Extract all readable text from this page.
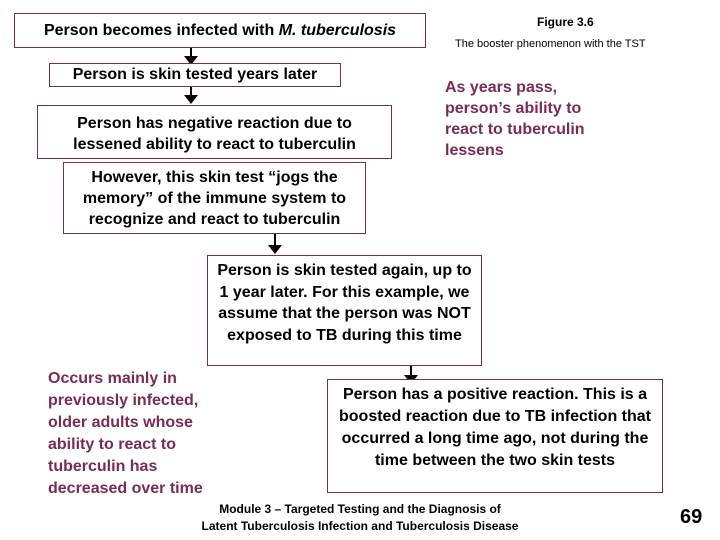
Figure 3.6
The booster phenomenon with the TST
Person becomes infected with M. tuberculosis
Person is skin tested years later
Person has negative reaction due to lessened ability to react to tuberculin
As years pass, person’s ability to react to tuberculin lessens
However, this skin test “jogs the memory” of the immune system to recognize and react to tuberculin
Person is skin tested again, up to 1 year later. For this example, we assume that the person was NOT exposed to TB during this time
Occurs mainly in previously infected, older adults whose ability to react to tuberculin has decreased over time
Person has a positive reaction. This is a boosted reaction due to TB infection that occurred a long time ago, not during the time between the two skin tests
Module 3 – Targeted Testing and the Diagnosis of
Latent Tuberculosis Infection and Tuberculosis Disease	69
